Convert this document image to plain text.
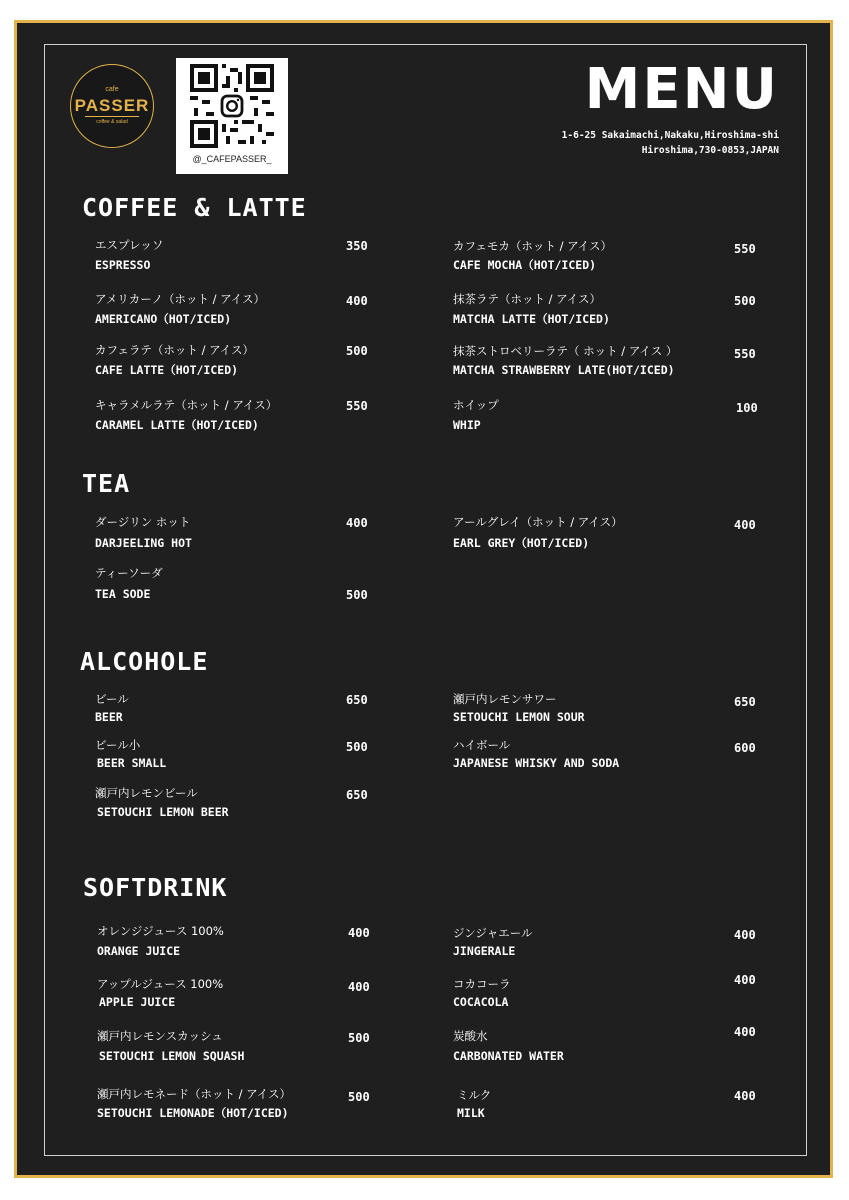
cafe
PASSER
coffee & salad
@_CAFEPASSER_
MENU
1-6-25 Sakaimachi,Nakaku,Hiroshima-shi
Hiroshima,730-0853,JAPAN
COFFEE & LATTE
エスプレッソ
ESPRESSO
350
アメリカーノ（ホット / アイス）
AMERICANO（HOT/ICED)
400
カフェラテ（ホット / アイス）
CAFE LATTE（HOT/ICED)
500
キャラメルラテ（ホット / アイス）
CARAMEL LATTE（HOT/ICED)
550
カフェモカ（ホット / アイス）
CAFE MOCHA（HOT/ICED)
550
抹茶ラテ（ホット / アイス）
MATCHA LATTE（HOT/ICED)
500
抹茶ストロベリーラテ（ ホット / アイス ）
MATCHA STRAWBERRY LATE(HOT/ICED)
550
ホイップ
WHIP
100
TEA
ダージリン ホット
DARJEELING HOT
400
ティーソーダ
TEA SODE	500
アールグレイ（ホット / アイス）
EARL GREY（HOT/ICED)
400
ALCOHOLE
ビール
BEER
650
ビール小
BEER SMALL
500
瀬戸内レモンビール
SETOUCHI LEMON BEER
650
瀬戸内レモンサワー
SETOUCHI LEMON SOUR
650
ハイボール
JAPANESE WHISKY AND SODA
600
SOFTDRINK
オレンジジュース 100%
ORANGE JUICE
400
アップルジュース 100%
APPLE JUICE
400
瀬戸内レモンスカッシュ
SETOUCHI LEMON SQUASH
500
瀬戸内レモネード（ホット / アイス）
SETOUCHI LEMONADE（HOT/ICED)
500
ジンジャエール
JINGERALE
400
コカコーラ
COCACOLA
400
炭酸水
CARBONATED WATER
400
ミルク
MILK
400
